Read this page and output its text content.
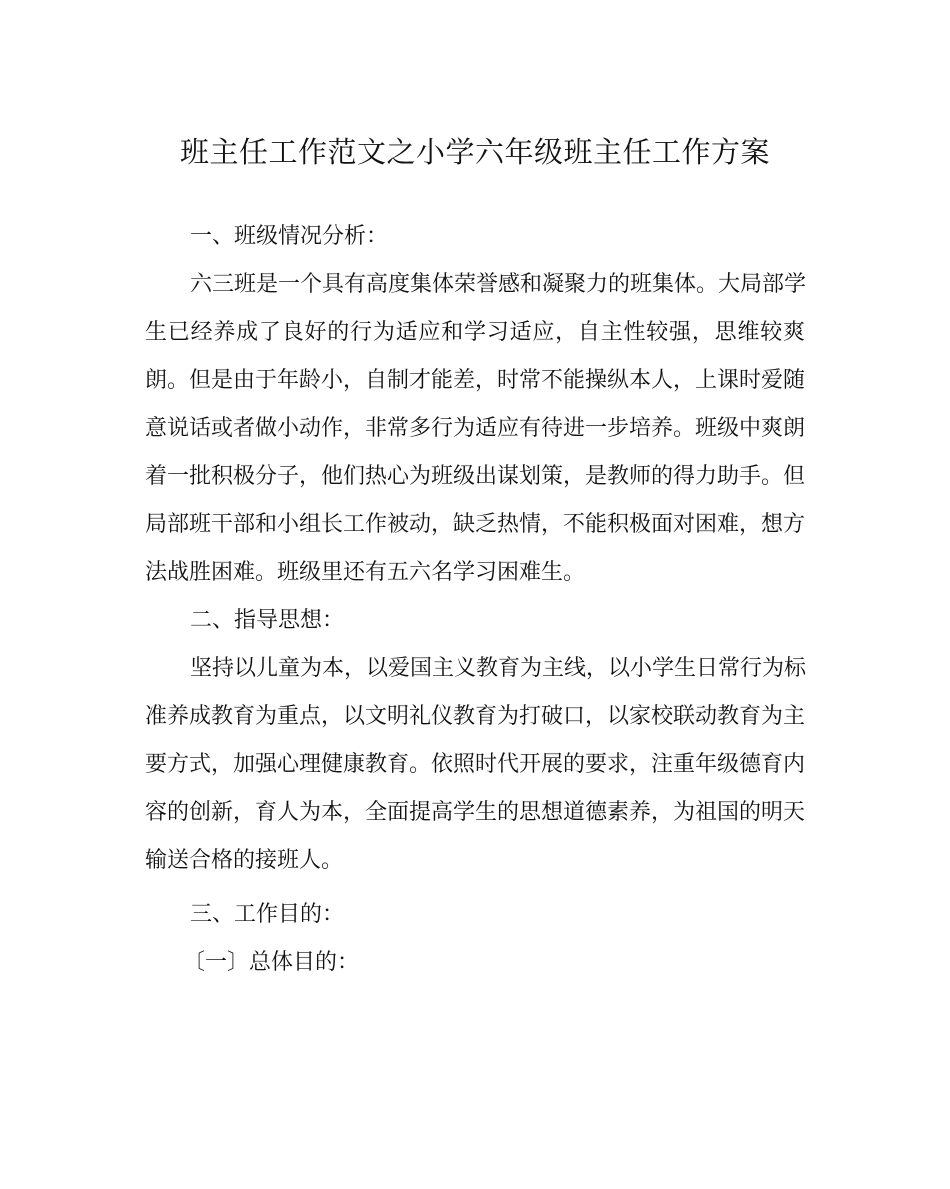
班主任工作范文之小学六年级班主任工作方案

一、班级情况分析：

六三班是一个具有高度集体荣誉感和凝聚力的班集体。大局部学

生已经养成了良好的行为适应和学习适应，自主性较强，思维较爽

朗。但是由于年龄小，自制才能差，时常不能操纵本人，上课时爱随

意说话或者做小动作，非常多行为适应有待进一步培养。班级中爽朗

着一批积极分子，他们热心为班级出谋划策，是教师的得力助手。但

局部班干部和小组长工作被动，缺乏热情，不能积极面对困难，想方

法战胜困难。班级里还有五六名学习困难生。

二、指导思想：

坚持以儿童为本，以爱国主义教育为主线，以小学生日常行为标

准养成教育为重点，以文明礼仪教育为打破口，以家校联动教育为主

要方式，加强心理健康教育。依照时代开展的要求，注重年级德育内

容的创新，育人为本，全面提高学生的思想道德素养，为祖国的明天

输送合格的接班人。

三、工作目的：

〔一〕总体目的：
